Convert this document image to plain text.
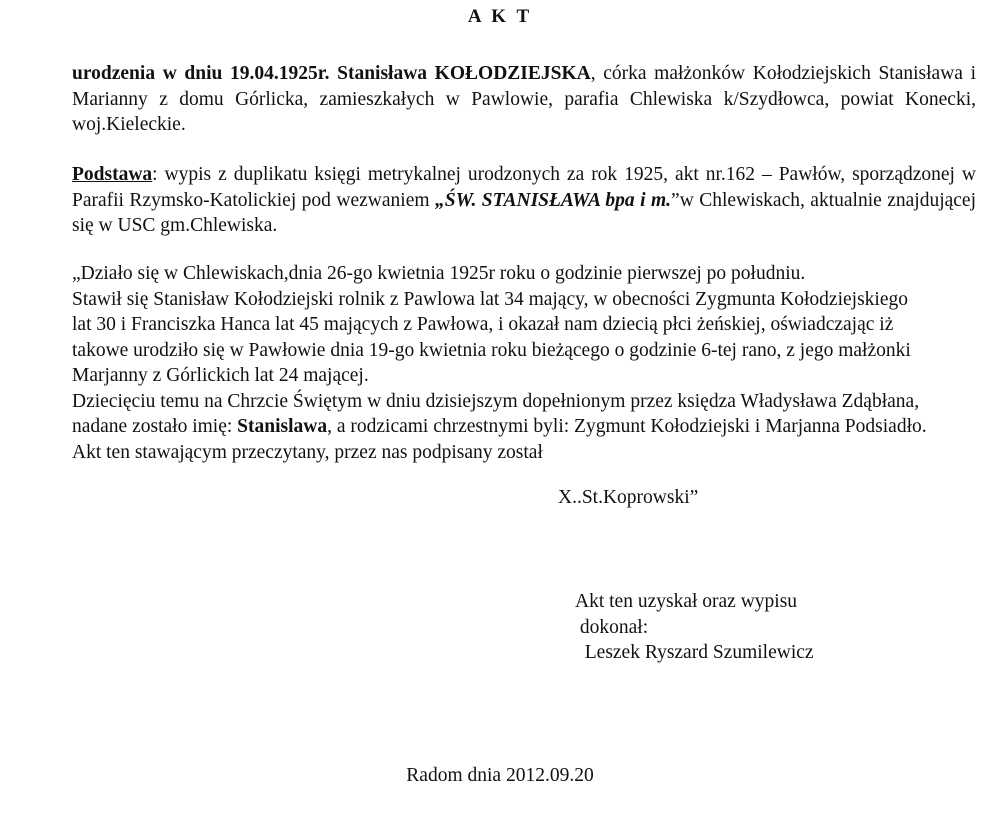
A K T

urodzenia w dniu 19.04.1925r. Stanisława KOŁODZIEJSKA, córka małżonków Kołodziejskich Stanisława i Marianny z domu Górlicka, zamieszkałych w Pawlowie, parafia Chlewiska k/Szydłowca, powiat Konecki, woj.Kieleckie.

Podstawa: wypis z duplikatu księgi metrykalnej urodzonych za rok 1925, akt nr.162 – Pawłów, sporządzonej w Parafii Rzymsko-Katolickiej pod wezwaniem „ŚW. STANISŁAWA bpa i m.”w Chlewiskach, aktualnie znajdującej się w USC gm.Chlewiska.

„Działo się w Chlewiskach,dnia 26-go kwietnia 1925r roku o godzinie pierwszej po południu.
Stawił się Stanisław Kołodziejski rolnik z Pawlowa lat 34 mający, w obecności Zygmunta Kołodziejskiego
lat 30 i Franciszka Hanca lat 45 mających z Pawłowa, i okazał nam dziecią płci żeńskiej, oświadczając iż
takowe urodziło się w Pawłowie dnia 19-go kwietnia roku bieżącego o godzinie 6-tej rano, z jego małżonki
Marjanny z Górlickich lat 24 mającej.
Dziecięciu temu na Chrzcie Świętym w dniu dzisiejszym dopełnionym przez księdza Władysława Zdąbłana,
nadane zostało imię: Stanislawa, a rodzicami chrzestnymi byli: Zygmunt Kołodziejski i Marjanna Podsiadło.
Akt ten stawającym przeczytany, przez nas podpisany został
X..St.Koprowski”
Akt ten uzyskał oraz wypisu
dokonał:
Leszek Ryszard Szumilewicz
Radom dnia 2012.09.20
